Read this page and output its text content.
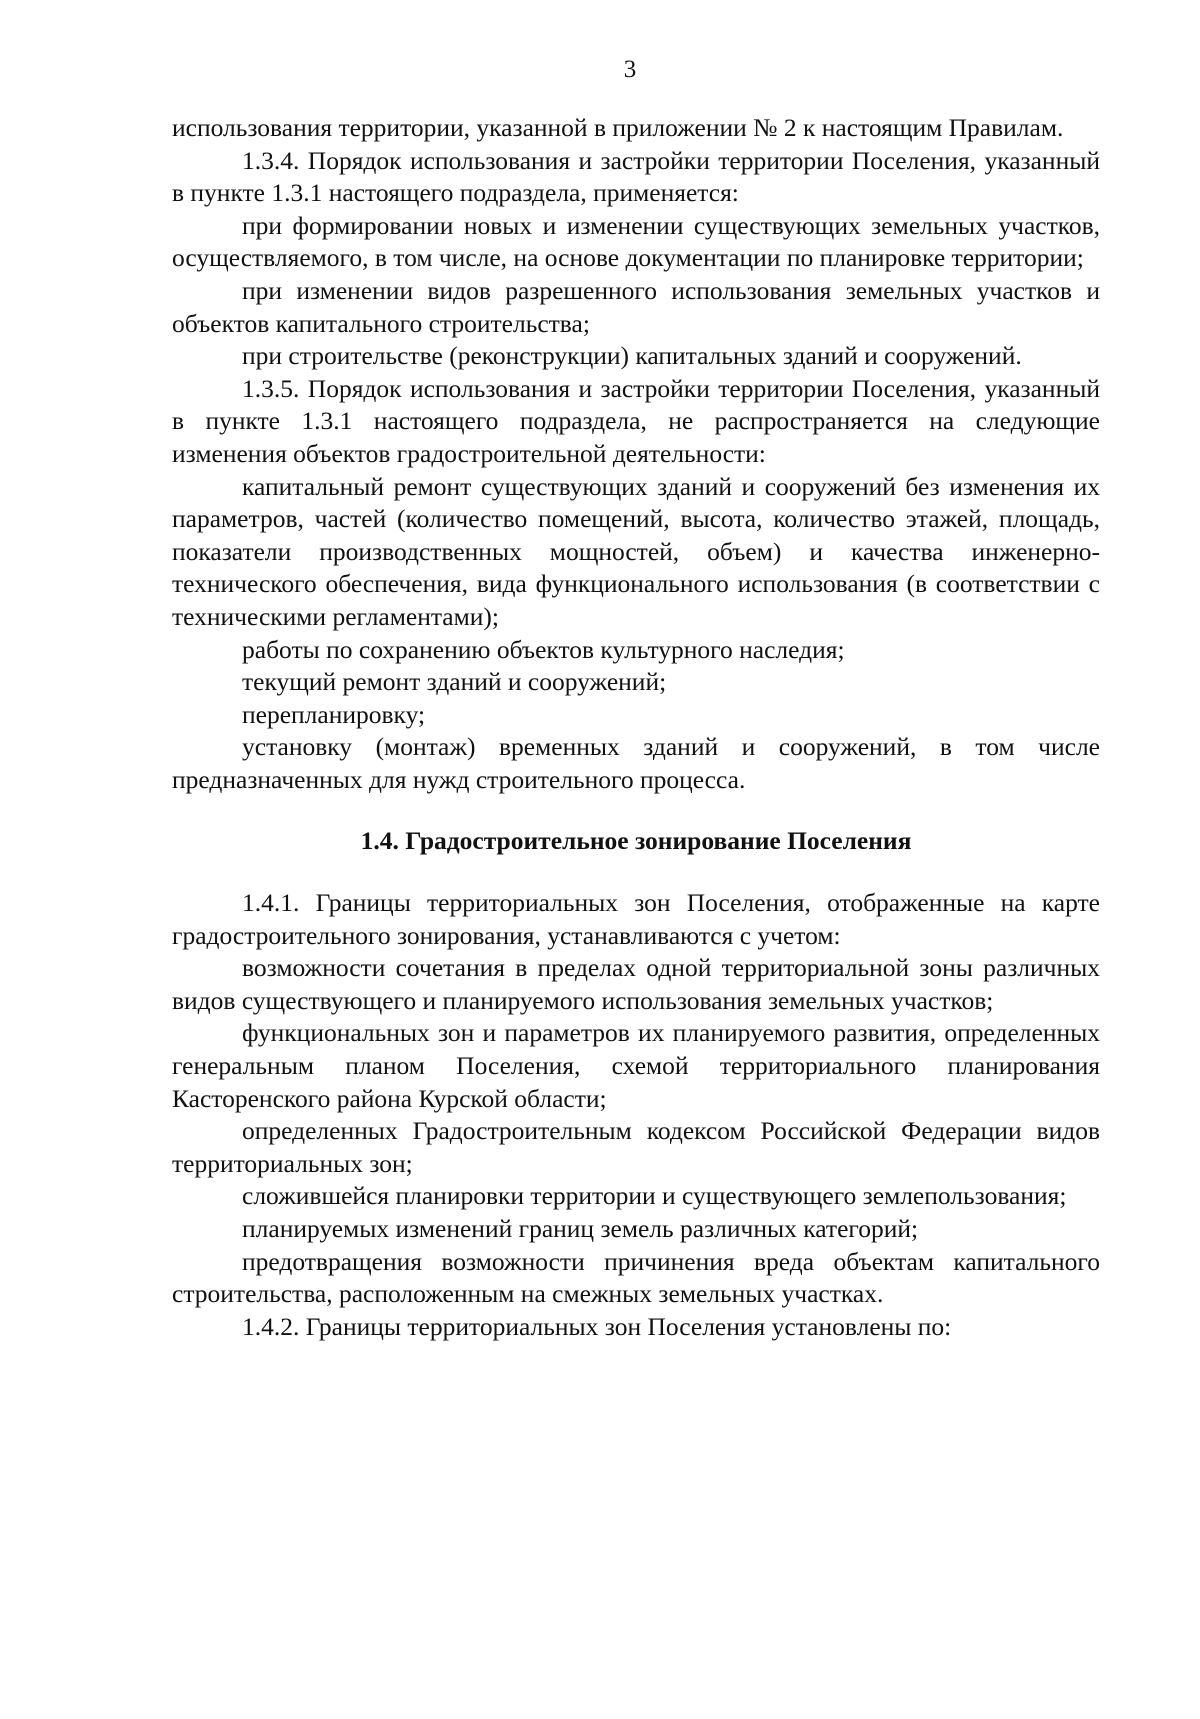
3

использования территории, указанной в приложении № 2 к настоящим Правилам.

1.3.4. Порядок использования и застройки территории Поселения, указанный в пункте 1.3.1 настоящего подраздела, применяется:

при формировании новых и изменении существующих земельных участков, осуществляемого, в том числе, на основе документации по планировке территории;

при изменении видов разрешенного использования земельных участков и объектов капитального строительства;

при строительстве (реконструкции) капитальных зданий и сооружений.

1.3.5. Порядок использования и застройки территории Поселения, указанный в пункте 1.3.1 настоящего подраздела, не распространяется на следующие изменения объектов градостроительной деятельности:

капитальный ремонт существующих зданий и сооружений без изменения их параметров, частей (количество помещений, высота, количество этажей, площадь, показатели производственных мощностей, объем) и качества инженерно-технического обеспечения, вида функционального использования (в соответствии с техническими регламентами);

работы по сохранению объектов культурного наследия;

текущий ремонт зданий и сооружений;

перепланировку;

установку (монтаж) временных зданий и сооружений, в том числе предназначенных для нужд строительного процесса.

1.4. Градостроительное зонирование Поселения

1.4.1. Границы территориальных зон Поселения, отображенные на карте градостроительного зонирования, устанавливаются с учетом:

возможности сочетания в пределах одной территориальной зоны различных видов существующего и планируемого использования земельных участков;

функциональных зон и параметров их планируемого развития, определенных генеральным планом Поселения, схемой территориального планирования Касторенского района Курской области;

определенных Градостроительным кодексом Российской Федерации видов территориальных зон;

сложившейся планировки территории и существующего землепользования;

планируемых изменений границ земель различных категорий;

предотвращения возможности причинения вреда объектам капитального строительства, расположенным на смежных земельных участках.

1.4.2. Границы территориальных зон Поселения установлены по:
